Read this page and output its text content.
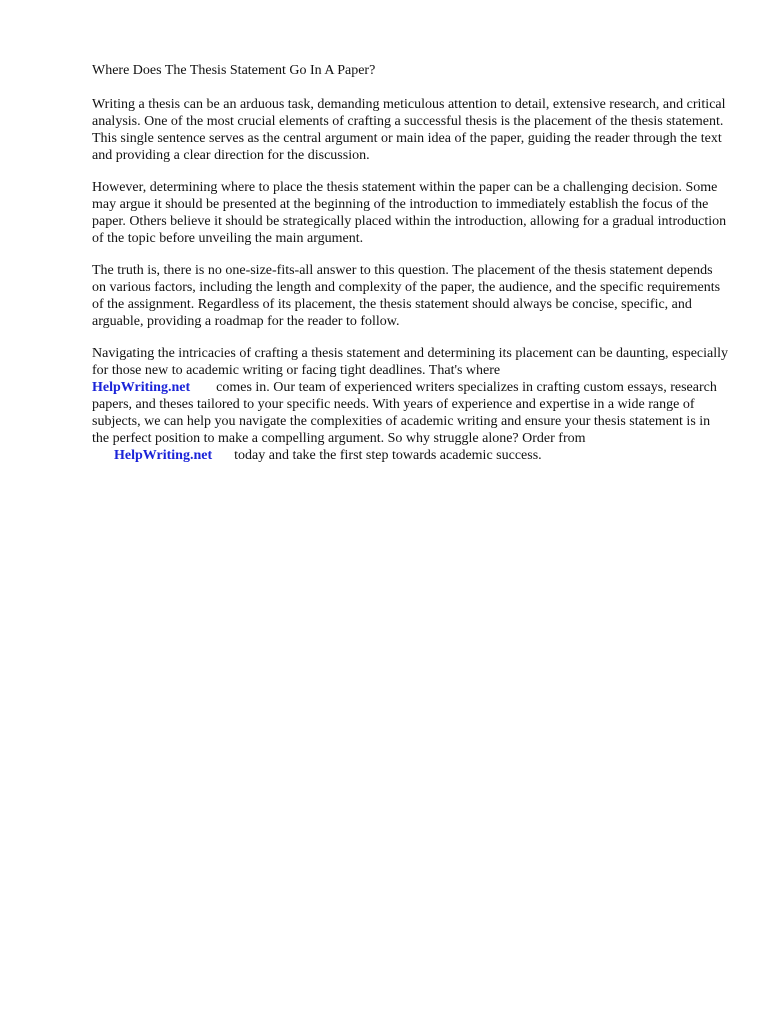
Where Does The Thesis Statement Go In A Paper?

Writing a thesis can be an arduous task, demanding meticulous attention to detail, extensive research, and critical analysis. One of the most crucial elements of crafting a successful thesis is the placement of the thesis statement. This single sentence serves as the central argument or main idea of the paper, guiding the reader through the text and providing a clear direction for the discussion.

However, determining where to place the thesis statement within the paper can be a challenging decision. Some may argue it should be presented at the beginning of the introduction to immediately establish the focus of the paper. Others believe it should be strategically placed within the introduction, allowing for a gradual introduction of the topic before unveiling the main argument.

The truth is, there is no one-size-fits-all answer to this question. The placement of the thesis statement depends on various factors, including the length and complexity of the paper, the audience, and the specific requirements of the assignment. Regardless of its placement, the thesis statement should always be concise, specific, and arguable, providing a roadmap for the reader to follow.

Navigating the intricacies of crafting a thesis statement and determining its placement can be daunting, especially for those new to academic writing or facing tight deadlines. That's where
HelpWriting.net comes in. Our team of experienced writers specializes in crafting custom essays, research papers, and theses tailored to your specific needs. With years of experience and expertise in a wide range of subjects, we can help you navigate the complexities of academic writing and ensure your thesis statement is in the perfect position to make a compelling argument. So why struggle alone? Order from HelpWriting.net today and take the first step towards academic success.
